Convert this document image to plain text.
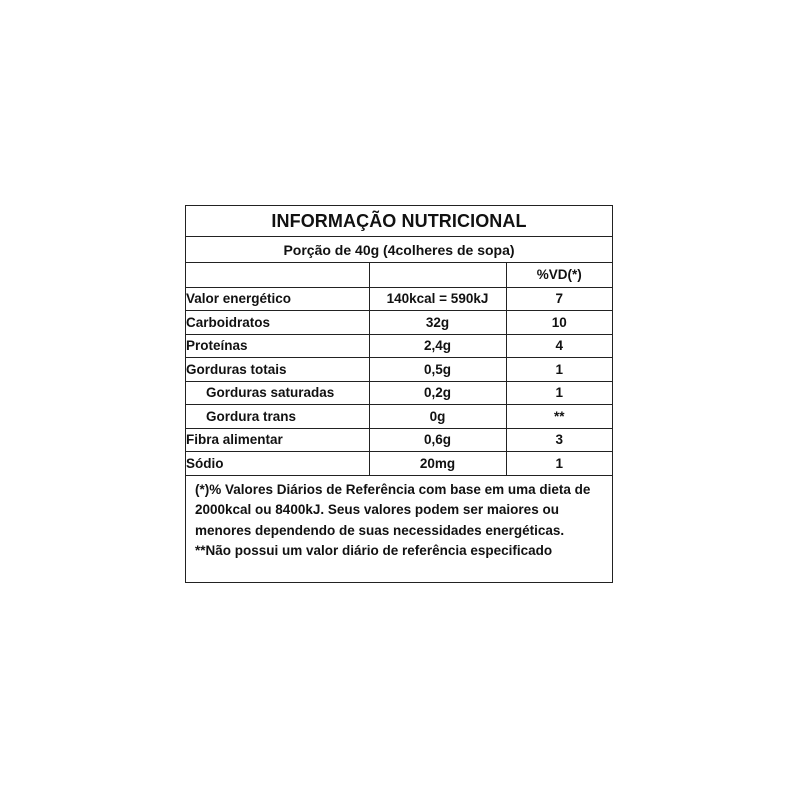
INFORMAÇÃO NUTRICIONAL
Porção de 40g (4colheres de sopa)
		%VD(*)
Valor energético	140kcal = 590kJ	7
Carboidratos	32g	10
Proteínas	2,4g	4
Gorduras totais	0,5g	1
Gorduras saturadas	0,2g	1
Gordura trans	0g	**
Fibra alimentar	0,6g	3
Sódio	20mg	1

(*)% Valores Diários de Referência com base em uma dieta de 2000kcal ou 8400kJ. Seus valores podem ser maiores ou menores dependendo de suas necessidades energéticas.

**Não possui um valor diário de referência especificado
